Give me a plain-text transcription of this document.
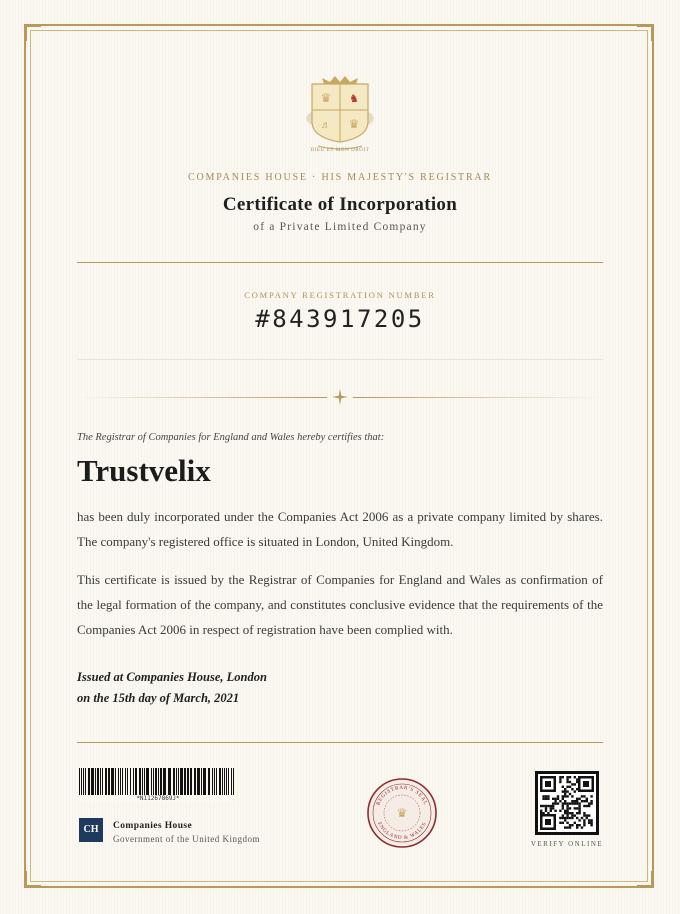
♛ ♞
♬ ♛
DIEU ET MON DROIT
COMPANIES HOUSE · HIS MAJESTY'S REGISTRAR
Certificate of Incorporation
of a Private Limited Company
COMPANY REGISTRATION NUMBER
#843917205
The Registrar of Companies for England and Wales hereby certifies that:
Trustvelix
has been duly incorporated under the Companies Act 2006 as a private company limited by shares. The company's registered office is situated in London, United Kingdom.
This certificate is issued by the Registrar of Companies for England and Wales as confirmation of the legal formation of the company, and constitutes conclusive evidence that the requirements of the Companies Act 2006 in respect of registration have been complied with.
Issued at Companies House, London
on the 15th day of March, 2021
*N11267869J*
CH	Companies House
Government of the United Kingdom
REGISTRAR'S SEAL
ENGLAND & WALES
♛
VERIFY ONLINE
